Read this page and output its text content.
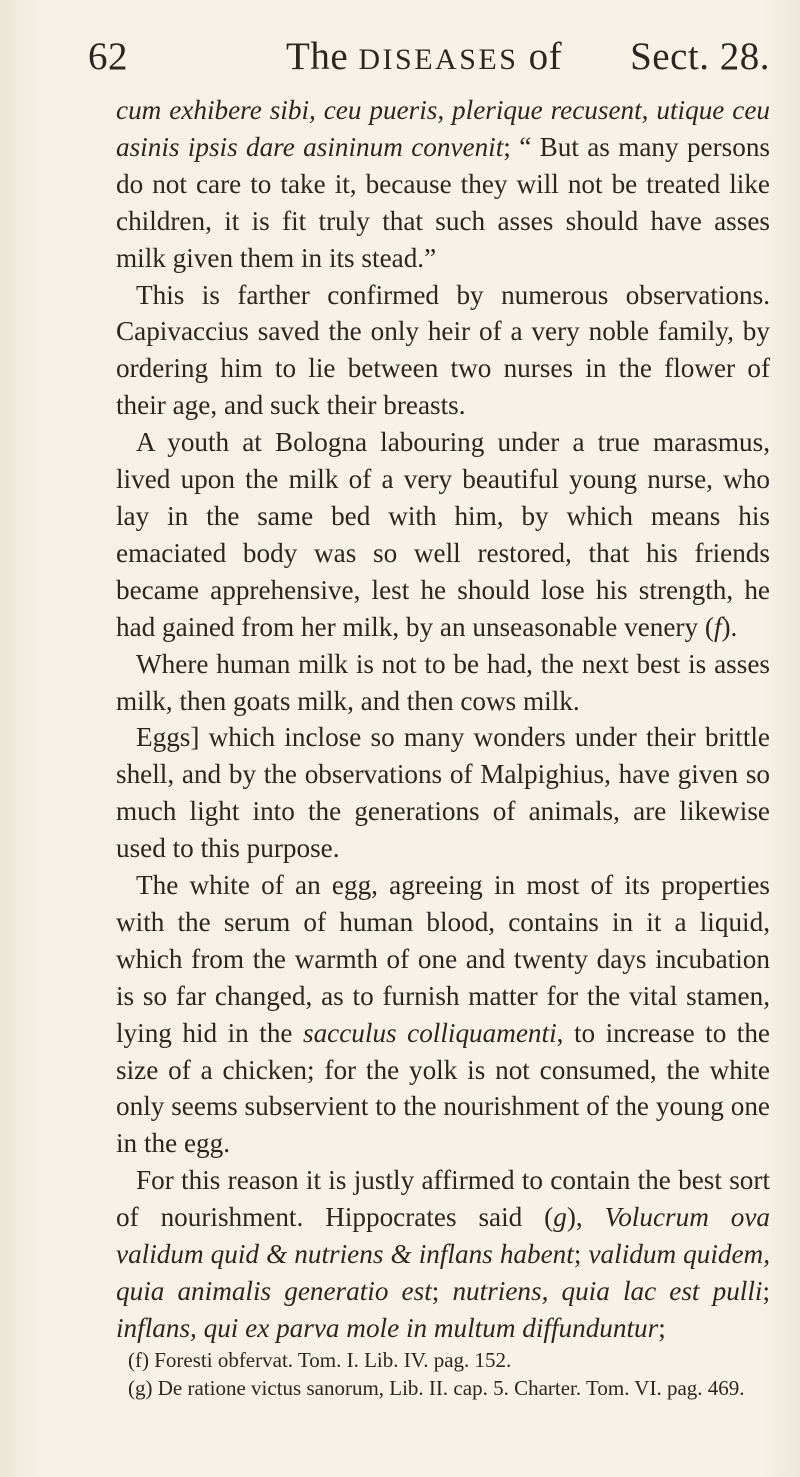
62	The DISEASES of Sect. 28.

cum exhibere sibi, ceu pueris, plerique recusent, utique ceu asinis ipsis dare asininum convenit; “ But as many persons do not care to take it, because they will not be treated like children, it is fit truly that such asses should have asses milk given them in its stead.”

This is farther confirmed by numerous observations. Capivaccius saved the only heir of a very noble family, by ordering him to lie between two nurses in the flower of their age, and suck their breasts.

A youth at Bologna labouring under a true marasmus, lived upon the milk of a very beautiful young nurse, who lay in the same bed with him, by which means his emaciated body was so well restored, that his friends became apprehensive, lest he should lose his strength, he had gained from her milk, by an unseasonable venery (f).

Where human milk is not to be had, the next best is asses milk, then goats milk, and then cows milk.

Eggs] which inclose so many wonders under their brittle shell, and by the observations of Malpighius, have given so much light into the generations of animals, are likewise used to this purpose.

The white of an egg, agreeing in most of its properties with the serum of human blood, contains in it a liquid, which from the warmth of one and twenty days incubation is so far changed, as to furnish matter for the vital stamen, lying hid in the sacculus colliquamenti, to increase to the size of a chicken; for the yolk is not consumed, the white only seems subservient to the nourishment of the young one in the egg.

For this reason it is justly affirmed to contain the best sort of nourishment. Hippocrates said (g), Volucrum ova validum quid & nutriens & inflans habent; validum quidem, quia animalis generatio est; nutriens, quia lac est pulli; inflans, qui ex parva mole in multum diffunduntur;

(f) Foresti obfervat. Tom. I. Lib. IV. pag. 152.

(g) De ratione victus sanorum, Lib. II. cap. 5. Charter. Tom. VI. pag. 469.
